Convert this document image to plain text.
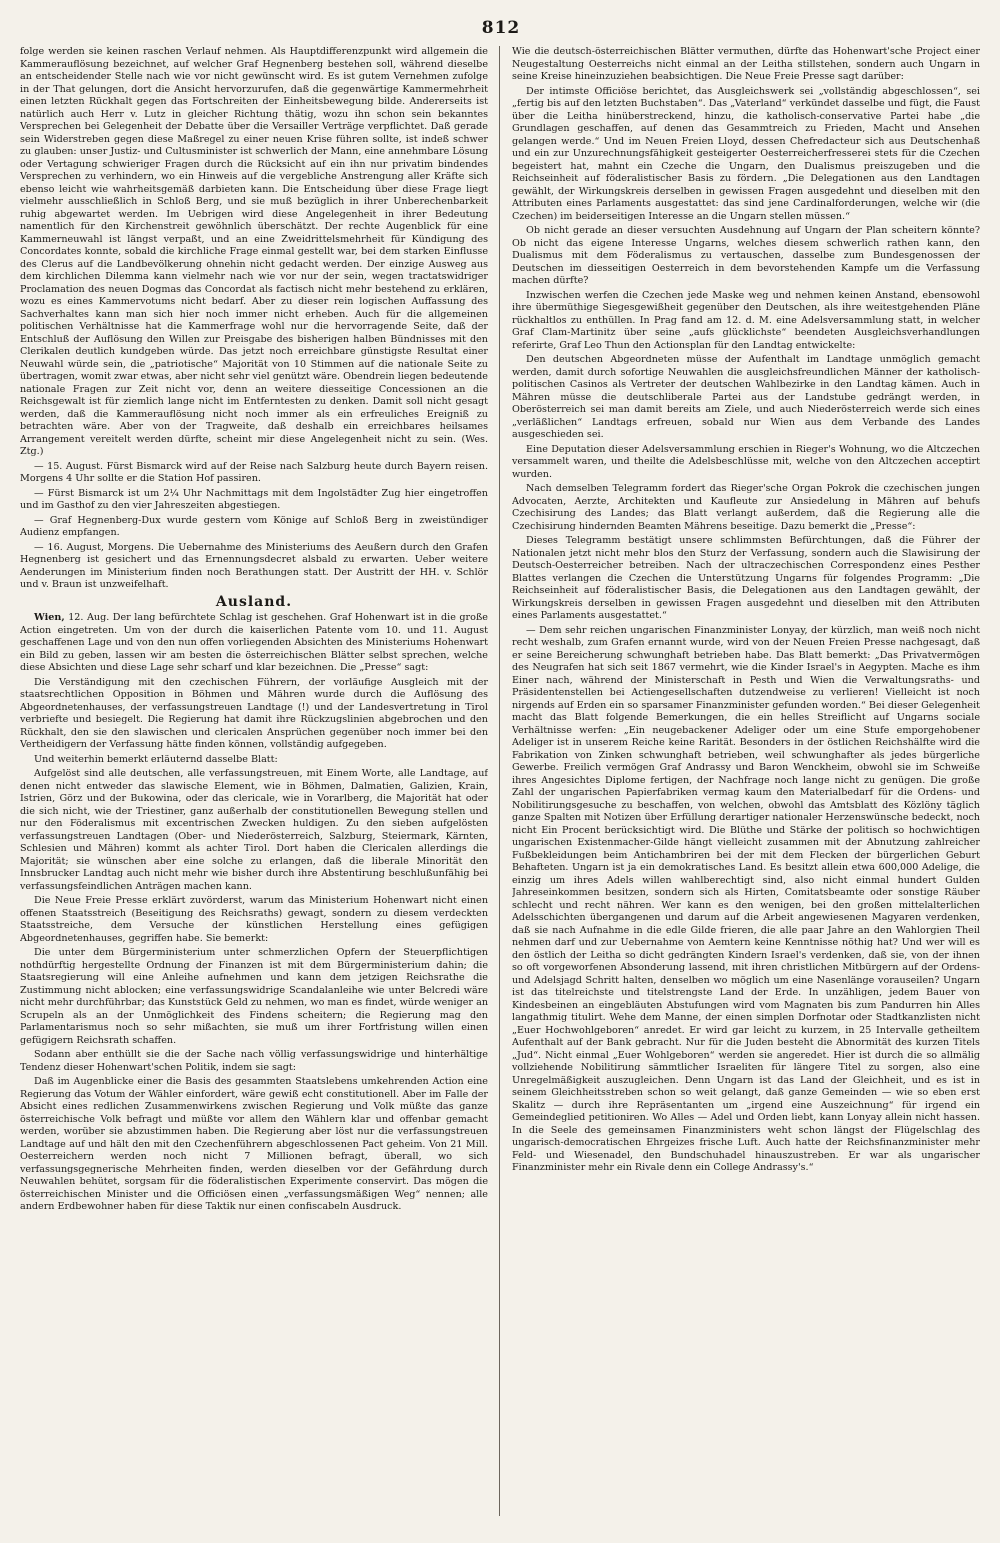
812

folge werden sie keinen raschen Verlauf nehmen. Als Hauptdifferenzpunkt wird allgemein die Kammerauflösung bezeichnet, auf welcher Graf Hegnenberg bestehen soll, während dieselbe an entscheidender Stelle nach wie vor nicht gewünscht wird. Es ist gutem Vernehmen zufolge in der That gelungen, dort die Ansicht hervorzurufen, daß die gegenwärtige Kammermehrheit einen letzten Rückhalt gegen das Fortschreiten der Einheitsbewegung bilde. Andererseits ist natürlich auch Herr v. Lutz in gleicher Richtung thätig, wozu ihn schon sein bekanntes Versprechen bei Gelegenheit der Debatte über die Versailler Verträge verpflichtet. Daß gerade sein Widerstreben gegen diese Maßregel zu einer neuen Krise führen sollte, ist indeß schwer zu glauben: unser Justiz- und Cultusminister ist schwerlich der Mann, eine annehmbare Lösung oder Vertagung schwieriger Fragen durch die Rücksicht auf ein ihn nur privatim bindendes Versprechen zu verhindern, wo ein Hinweis auf die vergebliche Anstrengung aller Kräfte sich ebenso leicht wie wahrheitsgemäß darbieten kann. Die Entscheidung über diese Frage liegt vielmehr ausschließlich in Schloß Berg, und sie muß bezüglich in ihrer Unberechenbarkeit ruhig abgewartet werden. Im Uebrigen wird diese Angelegenheit in ihrer Bedeutung namentlich für den Kirchenstreit gewöhnlich überschätzt. Der rechte Augenblick für eine Kammerneuwahl ist längst verpaßt, und an eine Zweidrittelsmehrheit für Kündigung des Concordates konnte, sobald die kirchliche Frage einmal gestellt war, bei dem starken Einflusse des Clerus auf die Landbevölkerung ohnehin nicht gedacht werden. Der einzige Ausweg aus dem kirchlichen Dilemma kann vielmehr nach wie vor nur der sein, wegen tractatswidriger Proclamation des neuen Dogmas das Concordat als factisch nicht mehr bestehend zu erklären, wozu es eines Kammervotums nicht bedarf. Aber zu dieser rein logischen Auffassung des Sachverhaltes kann man sich hier noch immer nicht erheben. Auch für die allgemeinen politischen Verhältnisse hat die Kammerfrage wohl nur die hervorragende Seite, daß der Entschluß der Auflösung den Willen zur Preisgabe des bisherigen halben Bündnisses mit den Clerikalen deutlich kundgeben würde. Das jetzt noch erreichbare günstigste Resultat einer Neuwahl würde sein, die „patriotische“ Majorität von 10 Stimmen auf die nationale Seite zu übertragen, womit zwar etwas, aber nicht sehr viel genützt wäre. Obendrein liegen bedeutende nationale Fragen zur Zeit nicht vor, denn an weitere diesseitige Concessionen an die Reichsgewalt ist für ziemlich lange nicht im Entferntesten zu denken. Damit soll nicht gesagt werden, daß die Kammerauflösung nicht noch immer als ein erfreuliches Ereigniß zu betrachten wäre. Aber von der Tragweite, daß deshalb ein erreichbares heilsames Arrangement vereitelt werden dürfte, scheint mir diese Angelegenheit nicht zu sein. (Wes. Ztg.)

— 15. August. Fürst Bismarck wird auf der Reise nach Salzburg heute durch Bayern reisen. Morgens 4 Uhr sollte er die Station Hof passiren.

— Fürst Bismarck ist um 2¼ Uhr Nachmittags mit dem Ingolstädter Zug hier eingetroffen und im Gasthof zu den vier Jahreszeiten abgestiegen.

— Graf Hegnenberg-Dux wurde gestern vom Könige auf Schloß Berg in zweistündiger Audienz empfangen.

— 16. August, Morgens. Die Uebernahme des Ministeriums des Aeußern durch den Grafen Hegnenberg ist gesichert und das Ernennungsdecret alsbald zu erwarten. Ueber weitere Aenderungen im Ministerium finden noch Berathungen statt. Der Austritt der HH. v. Schlör und v. Braun ist unzweifelhaft.

Ausland.

Wien, 12. Aug. Der lang befürchtete Schlag ist geschehen. Graf Hohenwart ist in die große Action eingetreten. Um von der durch die kaiserlichen Patente vom 10. und 11. August geschaffenen Lage und von den nun offen vorliegenden Absichten des Ministeriums Hohenwart ein Bild zu geben, lassen wir am besten die österreichischen Blätter selbst sprechen, welche diese Absichten und diese Lage sehr scharf und klar bezeichnen. Die „Presse“ sagt:

Die Verständigung mit den czechischen Führern, der vorläufige Ausgleich mit der staatsrechtlichen Opposition in Böhmen und Mähren wurde durch die Auflösung des Abgeordnetenhauses, der verfassungstreuen Landtage (!) und der Landesvertretung in Tirol verbriefte und besiegelt. Die Regierung hat damit ihre Rückzugslinien abgebrochen und den Rückhalt, den sie den slawischen und clericalen Ansprüchen gegenüber noch immer bei den Vertheidigern der Verfassung hätte finden können, vollständig aufgegeben.

Und weiterhin bemerkt erläuternd dasselbe Blatt:

Aufgelöst sind alle deutschen, alle verfassungstreuen, mit Einem Worte, alle Landtage, auf denen nicht entweder das slawische Element, wie in Böhmen, Dalmatien, Galizien, Krain, Istrien, Görz und der Bukowina, oder das clericale, wie in Vorarlberg, die Majorität hat oder die sich nicht, wie der Triestiner, ganz außerhalb der constitutionellen Bewegung stellen und nur den Föderalismus mit excentrischen Zwecken huldigen. Zu den sieben aufgelösten verfassungstreuen Landtagen (Ober- und Niederösterreich, Salzburg, Steiermark, Kärnten, Schlesien und Mähren) kommt als achter Tirol. Dort haben die Clericalen allerdings die Majorität; sie wünschen aber eine solche zu erlangen, daß die liberale Minorität den Innsbrucker Landtag auch nicht mehr wie bisher durch ihre Abstentirung beschlußunfähig bei verfassungsfeindlichen Anträgen machen kann.

Die Neue Freie Presse erklärt zuvörderst, warum das Ministerium Hohenwart nicht einen offenen Staatsstreich (Beseitigung des Reichsraths) gewagt, sondern zu diesem verdeckten Staatsstreiche, dem Versuche der künstlichen Herstellung eines gefügigen Abgeordnetenhauses, gegriffen habe. Sie bemerkt:

Die unter dem Bürgerministerium unter schmerzlichen Opfern der Steuerpflichtigen nothdürftig hergestellte Ordnung der Finanzen ist mit dem Bürgerministerium dahin; die Staatsregierung will eine Anleihe aufnehmen und kann dem jetzigen Reichsrathe die Zustimmung nicht ablocken; eine verfassungswidrige Scandalanleihe wie unter Belcredi wäre nicht mehr durchführbar; das Kunststück Geld zu nehmen, wo man es findet, würde weniger an Scrupeln als an der Unmöglichkeit des Findens scheitern; die Regierung mag den Parlamentarismus noch so sehr mißachten, sie muß um ihrer Fortfristung willen einen gefügigern Reichsrath schaffen.

Sodann aber enthüllt sie die der Sache nach völlig verfassungswidrige und hinterhältige Tendenz dieser Hohenwart'schen Politik, indem sie sagt:

Daß im Augenblicke einer die Basis des gesammten Staatslebens umkehrenden Action eine Regierung das Votum der Wähler einfordert, wäre gewiß echt constitutionell. Aber im Falle der Absicht eines redlichen Zusammenwirkens zwischen Regierung und Volk müßte das ganze österreichische Volk befragt und müßte vor allem den Wählern klar und offenbar gemacht werden, worüber sie abzustimmen haben. Die Regierung aber löst nur die verfassungstreuen Landtage auf und hält den mit den Czechenführern abgeschlossenen Pact geheim. Von 21 Mill. Oesterreichern werden noch nicht 7 Millionen befragt, überall, wo sich verfassungsgegnerische Mehrheiten finden, werden dieselben vor der Gefährdung durch Neuwahlen behütet, sorgsam für die föderalistischen Experimente conservirt. Das mögen die österreichischen Minister und die Officiösen einen „verfassungsmäßigen Weg“ nennen; alle andern Erdbewohner haben für diese Taktik nur einen confiscabeln Ausdruck.

Wie die deutsch-österreichischen Blätter vermuthen, dürfte das Hohenwart'sche Project einer Neugestaltung Oesterreichs nicht einmal an der Leitha stillstehen, sondern auch Ungarn in seine Kreise hineinzuziehen beabsichtigen. Die Neue Freie Presse sagt darüber:

Der intimste Officiöse berichtet, das Ausgleichswerk sei „vollständig abgeschlossen“, sei „fertig bis auf den letzten Buchstaben“. Das „Vaterland“ verkündet dasselbe und fügt, die Faust über die Leitha hinüberstreckend, hinzu, die katholisch-conservative Partei habe „die Grundlagen geschaffen, auf denen das Gesammtreich zu Frieden, Macht und Ansehen gelangen werde.“ Und im Neuen Freien Lloyd, dessen Chefredacteur sich aus Deutschenhaß und ein zur Unzurechnungsfähigkeit gesteigerter Oesterreicherfresserei stets für die Czechen begeistert hat, mahnt ein Czeche die Ungarn, den Dualismus preiszugeben und die Reichseinheit auf föderalistischer Basis zu fördern. „Die Delegationen aus den Landtagen gewählt, der Wirkungskreis derselben in gewissen Fragen ausgedehnt und dieselben mit den Attributen eines Parlaments ausgestattet: das sind jene Cardinalforderungen, welche wir (die Czechen) im beiderseitigen Interesse an die Ungarn stellen müssen.“

Ob nicht gerade an dieser versuchten Ausdehnung auf Ungarn der Plan scheitern könnte? Ob nicht das eigene Interesse Ungarns, welches diesem schwerlich rathen kann, den Dualismus mit dem Föderalismus zu vertauschen, dasselbe zum Bundesgenossen der Deutschen im diesseitigen Oesterreich in dem bevorstehenden Kampfe um die Verfassung machen dürfte?

Inzwischen werfen die Czechen jede Maske weg und nehmen keinen Anstand, ebensowohl ihre übermüthige Siegesgewißheit gegenüber den Deutschen, als ihre weitestgehenden Pläne rückhaltlos zu enthüllen. In Prag fand am 12. d. M. eine Adelsversammlung statt, in welcher Graf Clam-Martinitz über seine „aufs glücklichste“ beendeten Ausgleichsverhandlungen referirte, Graf Leo Thun den Actionsplan für den Landtag entwickelte:

Den deutschen Abgeordneten müsse der Aufenthalt im Landtage unmöglich gemacht werden, damit durch sofortige Neuwahlen die ausgleichsfreundlichen Männer der katholisch-politischen Casinos als Vertreter der deutschen Wahlbezirke in den Landtag kämen. Auch in Mähren müsse die deutschliberale Partei aus der Landstube gedrängt werden, in Oberösterreich sei man damit bereits am Ziele, und auch Niederösterreich werde sich eines „verläßlichen“ Landtags erfreuen, sobald nur Wien aus dem Verbande des Landes ausgeschieden sei.

Eine Deputation dieser Adelsversammlung erschien in Rieger's Wohnung, wo die Altczechen versammelt waren, und theilte die Adelsbeschlüsse mit, welche von den Altczechen acceptirt wurden.

Nach demselben Telegramm fordert das Rieger'sche Organ Pokrok die czechischen jungen Advocaten, Aerzte, Architekten und Kaufleute zur Ansiedelung in Mähren auf behufs Czechisirung des Landes; das Blatt verlangt außerdem, daß die Regierung alle die Czechisirung hindernden Beamten Mährens beseitige. Dazu bemerkt die „Presse“:

Dieses Telegramm bestätigt unsere schlimmsten Befürchtungen, daß die Führer der Nationalen jetzt nicht mehr blos den Sturz der Verfassung, sondern auch die Slawisirung der Deutsch-Oesterreicher betreiben. Nach der ultraczechischen Correspondenz eines Pesther Blattes verlangen die Czechen die Unterstützung Ungarns für folgendes Programm: „Die Reichseinheit auf föderalistischer Basis, die Delegationen aus den Landtagen gewählt, der Wirkungskreis derselben in gewissen Fragen ausgedehnt und dieselben mit den Attributen eines Parlaments ausgestattet.“

— Dem sehr reichen ungarischen Finanzminister Lonyay, der kürzlich, man weiß noch nicht recht weshalb, zum Grafen ernannt wurde, wird von der Neuen Freien Presse nachgesagt, daß er seine Bereicherung schwunghaft betrieben habe. Das Blatt bemerkt: „Das Privatvermögen des Neugrafen hat sich seit 1867 vermehrt, wie die Kinder Israel's in Aegypten. Mache es ihm Einer nach, während der Ministerschaft in Pesth und Wien die Verwaltungsraths- und Präsidentenstellen bei Actiengesellschaften dutzendweise zu verlieren! Vielleicht ist noch nirgends auf Erden ein so sparsamer Finanzminister gefunden worden.“ Bei dieser Gelegenheit macht das Blatt folgende Bemerkungen, die ein helles Streiflicht auf Ungarns sociale Verhältnisse werfen: „Ein neugebackener Adeliger oder um eine Stufe emporgehobener Adeliger ist in unserem Reiche keine Rarität. Besonders in der östlichen Reichshälfte wird die Fabrikation von Zinken schwunghaft betrieben, weil schwunghafter als jedes bürgerliche Gewerbe. Freilich vermögen Graf Andrassy und Baron Wenckheim, obwohl sie im Schweiße ihres Angesichtes Diplome fertigen, der Nachfrage noch lange nicht zu genügen. Die große Zahl der ungarischen Papierfabriken vermag kaum den Materialbedarf für die Ordens- und Nobilitirungsgesuche zu beschaffen, von welchen, obwohl das Amtsblatt des Közlöny täglich ganze Spalten mit Notizen über Erfüllung derartiger nationaler Herzenswünsche bedeckt, noch nicht Ein Procent berücksichtigt wird. Die Blüthe und Stärke der politisch so hochwichtigen ungarischen Existenmacher-Gilde hängt vielleicht zusammen mit der Abnutzung zahlreicher Fußbekleidungen beim Antichambriren bei der mit dem Flecken der bürgerlichen Geburt Behafteten. Ungarn ist ja ein demokratisches Land. Es besitzt allein etwa 600,000 Adelige, die einzig um ihres Adels willen wahlberechtigt sind, also nicht einmal hundert Gulden Jahreseinkommen besitzen, sondern sich als Hirten, Comitatsbeamte oder sonstige Räuber schlecht und recht nähren. Wer kann es den wenigen, bei den großen mittelalterlichen Adelsschichten übergangenen und darum auf die Arbeit angewiesenen Magyaren verdenken, daß sie nach Aufnahme in die edle Gilde frieren, die alle paar Jahre an den Wahlorgien Theil nehmen darf und zur Uebernahme von Aemtern keine Kenntnisse nöthig hat? Und wer will es den östlich der Leitha so dicht gedrängten Kindern Israel's verdenken, daß sie, von der ihnen so oft vorgeworfenen Absonderung lassend, mit ihren christlichen Mitbürgern auf der Ordens- und Adelsjagd Schritt halten, denselben wo möglich um eine Nasenlänge vorauseilen? Ungarn ist das titelreichste und titelstrengste Land der Erde. In unzähligen, jedem Bauer von Kindesbeinen an eingebläuten Abstufungen wird vom Magnaten bis zum Pandurren hin Alles langathmig titulirt. Wehe dem Manne, der einen simplen Dorfnotar oder Stadtkanzlisten nicht „Euer Hochwohlgeboren“ anredet. Er wird gar leicht zu kurzem, in 25 Intervalle getheiltem Aufenthalt auf der Bank gebracht. Nur für die Juden besteht die Abnormität des kurzen Titels „Jud“. Nicht einmal „Euer Wohlgeboren“ werden sie angeredet. Hier ist durch die so allmälig vollziehende Nobilitirung sämmtlicher Israeliten für längere Titel zu sorgen, also eine Unregelmäßigkeit auszugleichen. Denn Ungarn ist das Land der Gleichheit, und es ist in seinem Gleichheitsstreben schon so weit gelangt, daß ganze Gemeinden — wie so eben erst Skalitz — durch ihre Repräsentanten um „irgend eine Auszeichnung“ für irgend ein Gemeindeglied petitioniren. Wo Alles — Adel und Orden liebt, kann Lonyay allein nicht hassen. In die Seele des gemeinsamen Finanzministers weht schon längst der Flügelschlag des ungarisch-democratischen Ehrgeizes frische Luft. Auch hatte der Reichsfinanzminister mehr Feld- und Wiesenadel, den Bundschuhadel hinauszustreben. Er war als ungarischer Finanzminister mehr ein Rivale denn ein College Andrassy's.“
